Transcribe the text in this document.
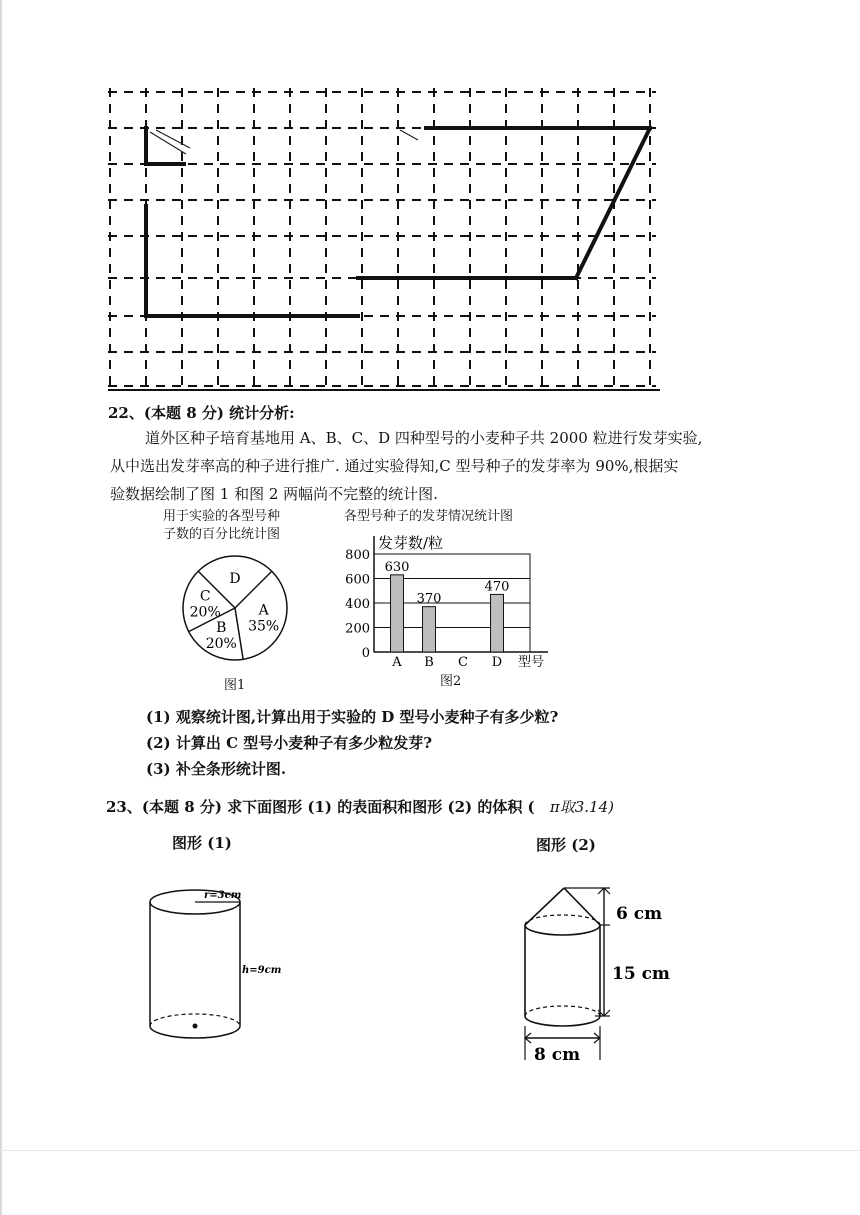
22、(本题 8 分) 统计分析:
道外区种子培育基地用 A、B、C、D 四种型号的小麦种子共 2000 粒进行发芽实验,
从中选出发芽率高的种子进行推广. 通过实验得知,C 型号种子的发芽率为 90%,根据实
验数据绘制了图 1 和图 2 两幅尚不完整的统计图.
用于实验的各型号种
子数的百分比统计图
各型号种子的发芽情况统计图
A
35%
B
20%
C
20%
D
0
200
400
600
800
630
A
370
B C
470
D
发芽数/粒
型号
图1	图2
(1) 观察统计图,计算出用于实验的 D 型号小麦种子有多少粒?
(2) 计算出 C 型号小麦种子有多少粒发芽?
(3) 补全条形统计图.
23、(本题 8 分) 求下面图形 (1) 的表面积和图形 (2) 的体积 ( π取3.14)
图形 (1)	图形 (2)
r=3cm
h=9cm
6 cm
15 cm
8 cm
